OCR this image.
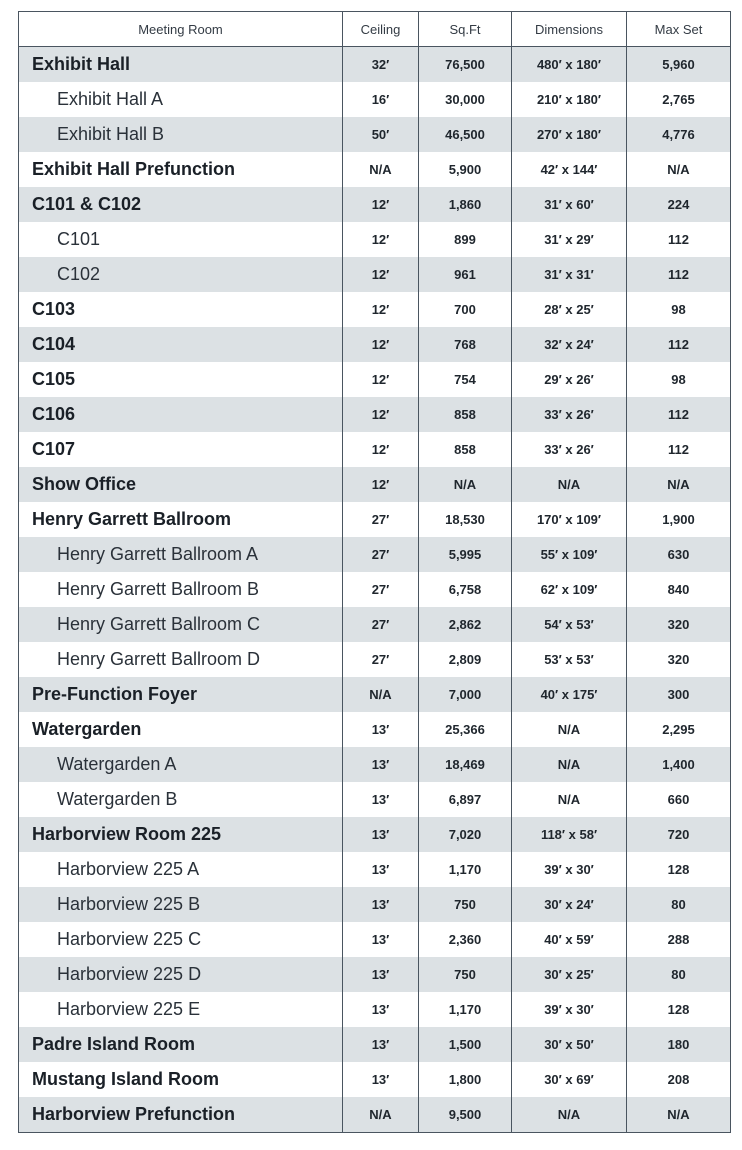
Meeting Room	Ceiling	Sq.Ft	Dimensions	Max Set
Exhibit Hall	32′	76,500	480′ x 180′	5,960
Exhibit Hall A	16′	30,000	210′ x 180′	2,765
Exhibit Hall B	50′	46,500	270′ x 180′	4,776
Exhibit Hall Prefunction	N/A	5,900	42′ x 144′	N/A
C101 & C102	12′	1,860	31′ x 60′	224
C101	12′	899	31′ x 29′	112
C102	12′	961	31′ x 31′	112
C103	12′	700	28′ x 25′	98
C104	12′	768	32′ x 24′	112
C105	12′	754	29′ x 26′	98
C106	12′	858	33′ x 26′	112
C107	12′	858	33′ x 26′	112
Show Office	12′	N/A	N/A	N/A
Henry Garrett Ballroom	27′	18,530	170′ x 109′	1,900
Henry Garrett Ballroom A	27′	5,995	55′ x 109′	630
Henry Garrett Ballroom B	27′	6,758	62′ x 109′	840
Henry Garrett Ballroom C	27′	2,862	54′ x 53′	320
Henry Garrett Ballroom D	27′	2,809	53′ x 53′	320
Pre-Function Foyer	N/A	7,000	40′ x 175′	300
Watergarden	13′	25,366	N/A	2,295
Watergarden A	13′	18,469	N/A	1,400
Watergarden B	13′	6,897	N/A	660
Harborview Room 225	13′	7,020	118′ x 58′	720
Harborview 225 A	13′	1,170	39′ x 30′	128
Harborview 225 B	13′	750	30′ x 24′	80
Harborview 225 C	13′	2,360	40′ x 59′	288
Harborview 225 D	13′	750	30′ x 25′	80
Harborview 225 E	13′	1,170	39′ x 30′	128
Padre Island Room	13′	1,500	30′ x 50′	180
Mustang Island Room	13′	1,800	30′ x 69′	208
Harborview Prefunction	N/A	9,500	N/A	N/A
